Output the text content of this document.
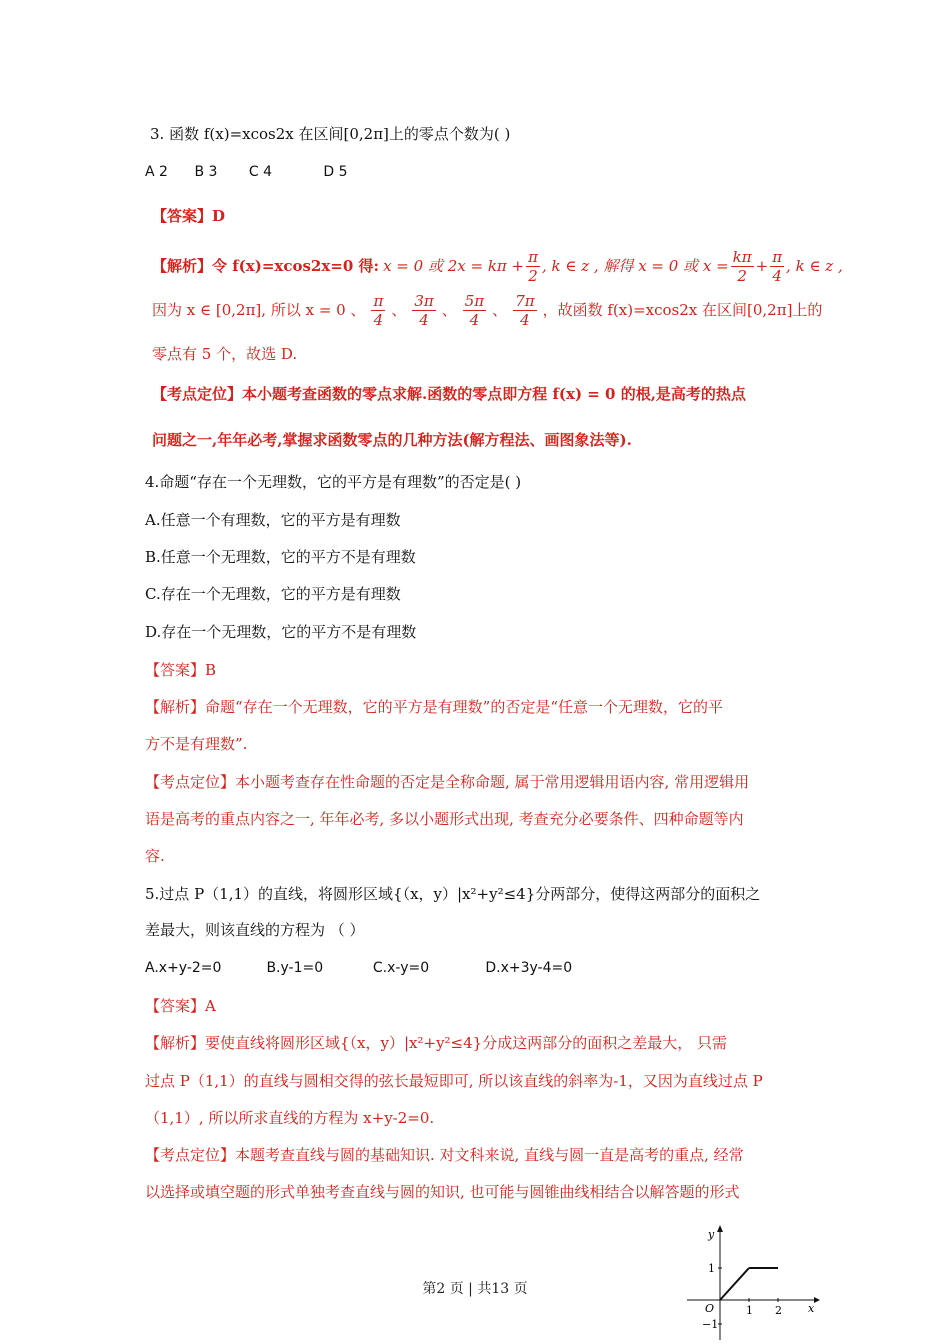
3. 函数 f(x)=xcos2x 在区间[0,2π]上的零点个数为( )
A 2 B 3 C 4	D 5
【答案】D
【解析】令 f(x)=xcos2x=0 得: x = 0 或 $2x = k\pi + \frac{\pi}{2}$ , k ∈ z , 解得 x = 0 或 $x = \frac{k\pi}{2} + \frac{\pi}{4}$ , k ∈ z ,
因为 x ∈ [0,2π], 所以 x = 0 、 $\frac{\pi}{4}$ 、 $\frac{3\pi}{4}$ 、 $\frac{5\pi}{4}$ 、 $\frac{7\pi}{4}$ ，故函数 f(x)=xcos2x 在区间[0,2π]上的
零点有 5 个，故选 D.
【考点定位】本小题考查函数的零点求解.函数的零点即方程 f(x) = 0 的根,是高考的热点
问题之一,年年必考,掌握求函数零点的几种方法(解方程法、画图象法等).
4.命题“存在一个无理数，它的平方是有理数”的否定是( )
A.任意一个有理数，它的平方是有理数
B.任意一个无理数，它的平方不是有理数
C.存在一个无理数，它的平方是有理数
D.存在一个无理数，它的平方不是有理数
【答案】B
【解析】命题“存在一个无理数，它的平方是有理数”的否定是“任意一个无理数，它的平
方不是有理数”.
【考点定位】本小题考查存在性命题的否定是全称命题, 属于常用逻辑用语内容, 常用逻辑用
语是高考的重点内容之一, 年年必考, 多以小题形式出现, 考查充分必要条件、四种命题等内
容.
5.过点 P（1,1）的直线，将圆形区域{（x，y）|x²+y²≤4}分两部分，使得这两部分的面积之
差最大，则该直线的方程为 （ ）
A.x+y-2=0	B.y-1=0	C.x-y=0	D.x+3y-4=0
【答案】A
【解析】要使直线将圆形区域{（x，y）|x²+y²≤4}分成这两部分的面积之差最大， 只需
过点 P（1,1）的直线与圆相交得的弦长最短即可, 所以该直线的斜率为-1，又因为直线过点 P
（1,1）, 所以所求直线的方程为 x+y-2=0.
【考点定位】本题考查直线与圆的基础知识. 对文科来说, 直线与圆一直是高考的重点, 经常
以选择或填空题的形式单独考查直线与圆的知识, 也可能与圆锥曲线相结合以解答题的形式
第2 页 | 共13 页
x
y
O	1 2
1
−1
